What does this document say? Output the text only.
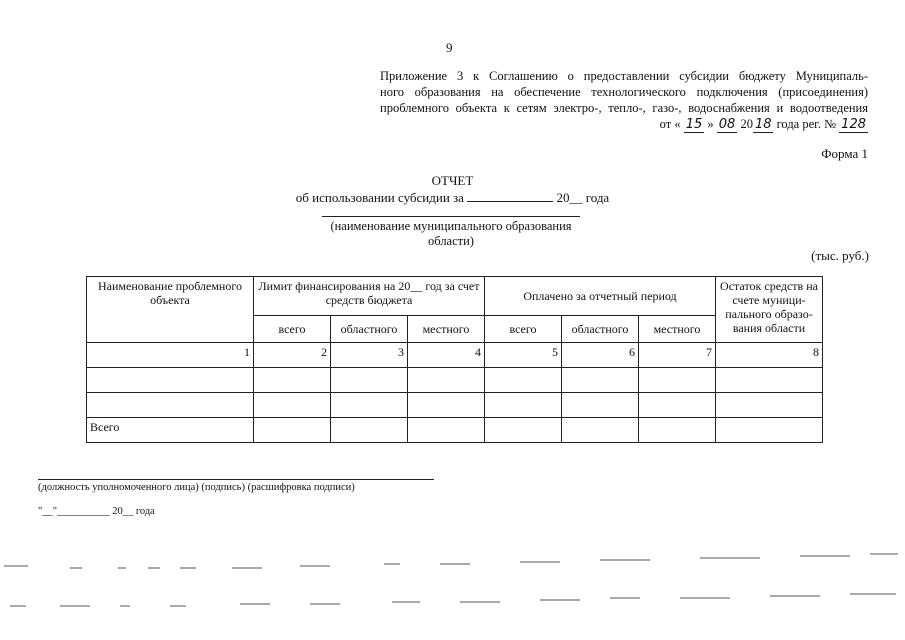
9
Приложение 3 к Соглашению о предоставлении субсидии бюджету Муниципаль-
ного образования на обеспечение технологического подключения (присоединения)
проблемного объекта к сетям электро-, тепло-, газо-, водоснабжения и водоотведения
от « 15 » 08 20 18 года рег. № 128
Форма 1
ОТЧЕТ
об использовании субсидии за	20__ года
(наименование муниципального образования области)
(тыс. руб.)
Наименование проблемного объекта	Лимит финансирования на 20__ год за счет средств бюджета			Оплачено за отчетный период			Остаток средств на счете муници-пального образо-вания области
	всего	областного	местного	всего	областного	местного	
1	2	3	4	5	6	7	8

Всего							
(должность уполномоченного лица) (подпись) (расшифровка подписи)
"__"__________ 20__ года
